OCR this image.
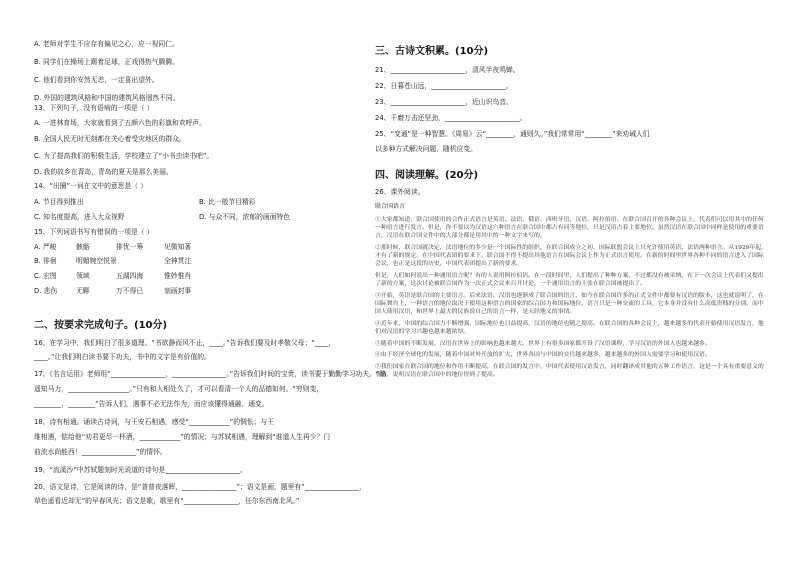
A. 老师对学生不应存有偏见之心，应一视同仁。
B. 同学们在操场上踢着足球，正戏得热气腾腾。
C. 他们看到你安然无恙，一定喜出望外。
D. 外国的建筑风格和中国的建筑风格迥然不同。
13、下列句子，没有语病的一项是（ ）
A. 一进林育场，大家就看到了五颜六色的彩旗和欢呼声。
B. 全国人民无时无刻都在关心着受灾地区的群众。
C. 为了提高我们的积极生活，学校建立了“小书虫读书吧”。
D. 我的故乡在青岛，青岛的夏天是那么美丽。
14、“出圈”一词在文中的意思是（ ）
A. 节目得到推出	B. 比一般节目精彩
C. 知名度提高，进入大众视野	D. 与众不同，浓郁的画面特色
15、下列词语书写有错误的一项是（ ）
A. 严峻	骸骼	排忧一筹	见微知著
B. 徘徊	明媚婉空悦景	全神贯注
C. 宏图	领域	五湖四海	惟妙惟肖
D. 悲伤	无聊	万不得已	刻画封事
二、按要求完成句子。(10分)
16、在学习中，我们明白了很多道理。“书欲静而风不止，____。”告诉我们要及时孝敬父母；“____，
____。”让我们明白读书要下功夫，书中的文字是有价值的。
17、《名言运用》老师用“________________，________________。”告诉我们时间的宝贵，读书要于勤勤学习功夫。“路
遥知马力，__________________。”只有和人相处久了，才可以看清一个人的品德如何。“穷则变，
________，________”告诉人们，遇事不必无法作为，而应该懂得通融、通变。
18、诗有相通。诵读古诗词，与王安石相遇，感受“____________”的惆怅；与王
维相遇，惦给他“劝君更尽一杯酒，____________”的情况；与苏轼相遇，理解到“谁道人生再少？门
前流水尚能西！________________”的情怀。
19、“流溪沙”中苏轼题刻时光说道的诗句是______________________。
20、语文是诗，它是阅读的诗，是“普普夜落晖，________________”；语文是画，题里有“________________，
草色遥看近却无”的早春风光；语文是歌，歌里有“________________，任尔东西南北风。”
三、古诗文积累。(10分)
21、______________________，清风半夜鸣蝉。
22、日暮苍山远，______________________。
23、______________________，近山识鸟音。
24、千磨万击还坚劲，______________________。
25、“变通”是一种智慧。《周易》云“________，通则久。”我们常常用“________”来劝诫人们
以多种方式解决问题、随机应变。
四、阅读理解。(20分)
26、课外阅读。
联合国语言

①大家都知道，联合国使用的合作正式语言是英语、法语、俄语、西班牙语、汉语、阿拉伯语。在联合国召开的各种会议上，代表们可以用其中的任何一种语言进行发言。但是，你不要以为汉语这六种语言在联合国中都占有同等地位，只是汉语占着主要地位。虽然汉语在联合国中同样是使用的重要语言，汉语在联合国文件中的大部分都是用其中的一种文字来写的。

②那时候，联合国就决定，法语地位的多少是一个国际性的组织，在联合国成立之初，国际联盟会议上只允许使用英语、法语两种语言。从1929年起，才有了新的规定。在中国代表团的要求下，联合国不得不提出其他语言在国际会议上作为正式语言使用。在新的时间里世界各种不同的语言进入了国际会议，也正是这段的历史，中国代表团提出了新的要求。

但是，人们如何说出一种通用语言呢？有的人说用阿拉伯语。在一段时间里，人们提出了种种方案，不过都没有被采纳。在下一次会议上代表们又提出了新的方案，这次讨论被联合国作为一次正式会议来召开讨论，一个通用语言的主张在联合国被提出了。

③开始，英语是联合国的主要语言。后来法语、汉语也逐渐成了联合国的语言，如今在联合国许多的正式文件中都要有汉语的版本，这也就说明了，在国际舞台上，一种语言的地位取决于使用这种语言的国家的综合国力和国际地位，语言只是一种交流的工具，它本身并没有什么高低贵贱的分别，而中国人使用汉语，和世界上最大的民族说自己的语言一样，是天经地义的事情。

④近年来，中国的综合国力不断增强，国际地位也日益提高，汉语的地位也随之提高。在联合国的各种会议上，越来越多的代表开始使用汉语发言，他们对汉语的学习兴趣也越来越浓厚。

⑤随着中国的不断发展，汉语在世界上的影响也越来越大。世界上有很多国家都开设了汉语课程，学习汉语的外国人也越来越多。

⑥由于经济全球化的发展，随着中国对外开放的扩大，世界各国与中国的交往越来越多，越来越多的外国人需要学习和使用汉语。

⑦我们国家在联合国的地位和作用不断提高，在联合国的发言中，中国代表使用汉语发言，同时翻译成其他的五种工作语言，这是一个具有重要意义的事情，说明汉语在联合国中的地位得到了提高。
